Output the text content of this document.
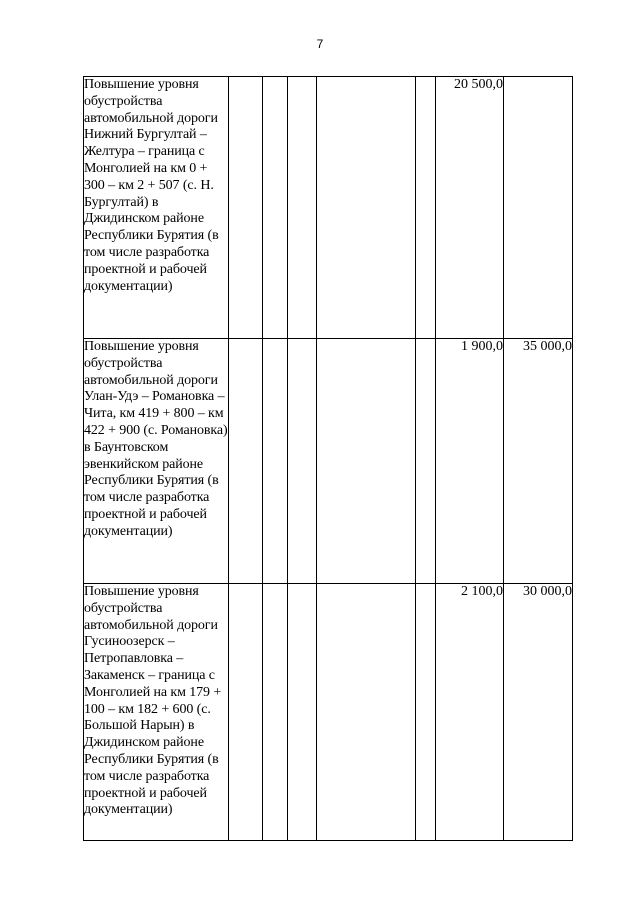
7
Повышение уровня обустройства автомобильной дороги Нижний Бургултай – Желтура – граница с Монголией на км 0 + 300 – км 2 + 507 (с. Н. Бургултай) в Джидинском районе Республики Бурятия (в том числе разработка проектной и рабочей документации)						20 500,0	
Повышение уровня обустройства автомобильной дороги Улан-Удэ – Романовка – Чита, км 419 + 800 – км 422 + 900 (с. Романовка) в Баунтовском эвенкийском районе Республики Бурятия (в том числе разработка проектной и рабочей документации)						1 900,0	35 000,0
Повышение уровня обустройства автомобильной дороги Гусиноозерск – Петропавловка – Закаменск – граница с Монголией на км 179 + 100 – км 182 + 600 (с. Большой Нарын) в Джидинском районе Республики Бурятия (в том числе разработка проектной и рабочей документации)						2 100,0	30 000,0
